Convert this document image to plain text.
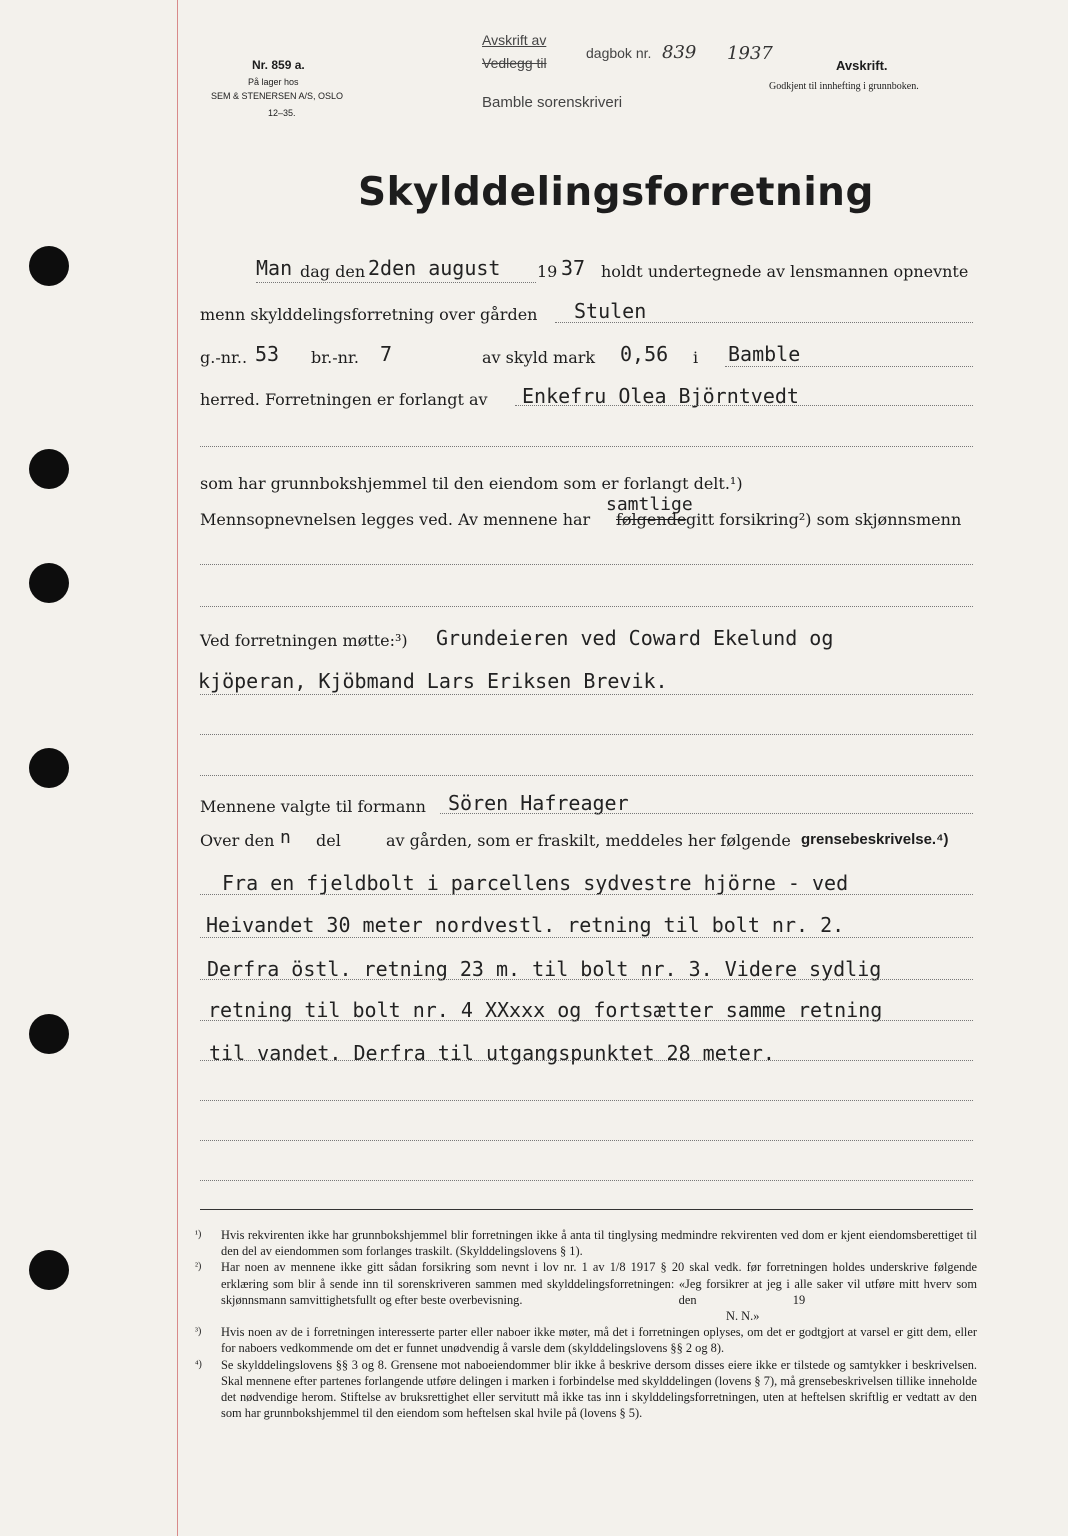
Nr. 859 a.
På lager hos
SEM & STENERSEN A/S, OSLO
12–35.
Avskrift av
Vedlegg til
dagbok nr. 839 1937
Bamble sorenskriveri
Avskrift.
Godkjent til innhefting i grunnboken.
Skylddelingsforretning
Man dag den 2den august 19 37 holdt undertegnede av lensmannen opnevnte
menn skylddelingsforretning over gården Stulen
g.-nr.. 53 br.-nr. 7	av skyld mark 0,56 i Bamble
herred. Forretningen er forlangt av Enkefru Olea Björntvedt
som har grunnbokshjemmel til den eiendom som er forlangt delt.¹)
samtlige
Mennsopnevnelsen legges ved. Av mennene har følgende gitt forsikring²) som skjønnsmenn
Ved forretningen møtte:³) Grundeieren ved Coward Ekelund og
kjöperan, Kjöbmand Lars Eriksen Brevik.
Mennene valgte til formann Sören Hafreager
Over den n del	av gården, som er fraskilt, meddeles her følgende grensebeskrivelse.⁴)
Fra en fjeldbolt i parcellens sydvestre hjörne - ved
Heivandet 30 meter nordvestl. retning til bolt nr. 2.
Derfra östl. retning 23 m. til bolt nr. 3. Videre sydlig
retning til bolt nr. 4 XXxxx og fortsætter samme retning
til vandet. Derfra til utgangspunktet 28 meter.
¹)	Hvis rekvirenten ikke har grunnbokshjemmel blir forretningen ikke å anta til tinglysing medmindre rekvirenten ved dom er kjent eiendomsberettiget til den del av eiendommen som forlanges traskilt. (Skylddelingslovens § 1).
²)	Har noen av mennene ikke gitt sådan forsikring som nevnt i lov nr. 1 av 1/8 1917 § 20 skal vedk. før forretningen holdes underskrive følgende erklæring som blir å sende inn til sorenskriveren sammen med skylddelingsforretningen: «Jeg forsikrer at jeg i alle saker vil utføre mitt hverv som skjønnsmann samvittighetsfullt og efter beste overbevisning.	den	19
N. N.»
³)	Hvis noen av de i forretningen interesserte parter eller naboer ikke møter, må det i forretningen oplyses, om det er godtgjort at varsel er gitt dem, eller for naboers vedkommende om det er funnet unødvendig å varsle dem (skylddelingslovens §§ 2 og 8).
⁴)	Se skylddelingslovens §§ 3 og 8. Grensene mot naboeiendommer blir ikke å beskrive dersom disses eiere ikke er tilstede og samtykker i beskrivelsen. Skal mennene efter partenes forlangende utføre delingen i marken i forbindelse med skylddelingen (lovens § 7), må grensebeskrivelsen tillike inneholde det nødvendige herom. Stiftelse av bruksrettighet eller servitutt må ikke tas inn i skylddelingsforretningen, uten at heftelsen skriftlig er vedtatt av den som har grunnbokshjemmel til den eiendom som heftelsen skal hvile på (lovens § 5).
